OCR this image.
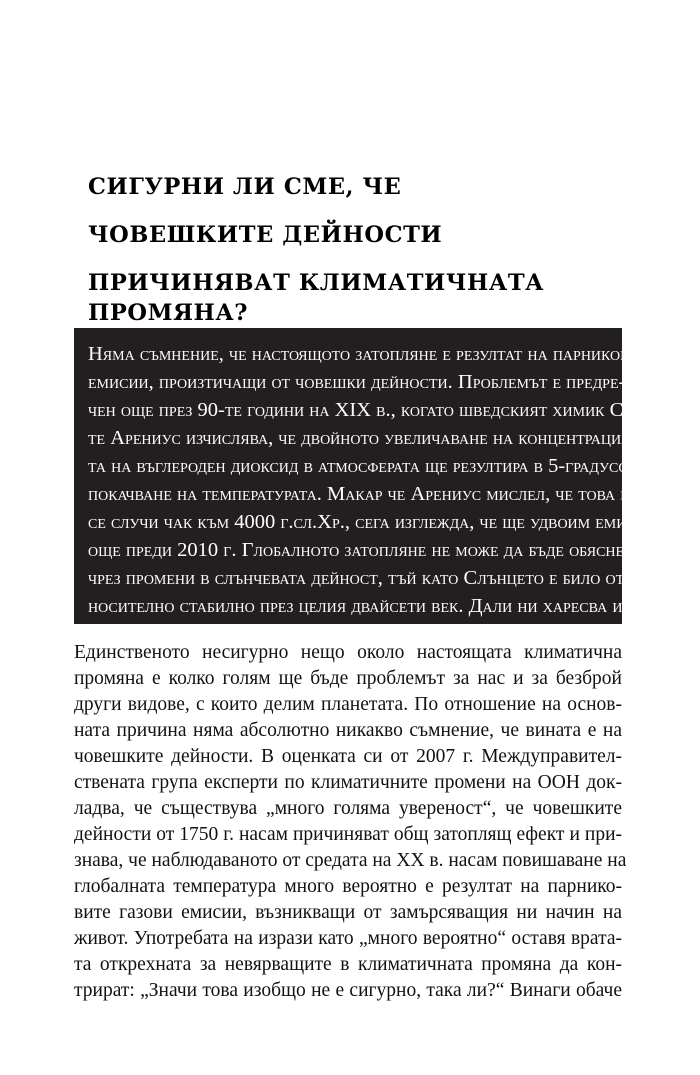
СИГУРНИ ЛИ СМЕ, ЧЕ
ЧОВЕШКИТЕ ДЕЙНОСТИ
ПРИЧИНЯВАТ КЛИМАТИЧНАТА ПРОМЯНА?
Няма съмнение, че настоящото затопляне е резултат на парникови
емисии, произтичащи от човешки дейности. Проблемът е предре-
чен още през 90-те години на XIX в., когато шведският химик Сван-
те Арениус изчислява, че двойното увеличаване на концентрация-
та на въглероден диоксид в атмосферата ще резултира в 5-градусово
покачване на температурата. Макар че Арениус мислел, че това ще
се случи чак към 4000 г.сл.Хр., сега изглежда, че ще удвоим емисиите
още преди 2010 г. Глобалното затопляне не може да бъде обяснено
чрез промени в слънчевата дейност, тъй като Слънцето е било от-
носително стабилно през целия двайсети век. Дали ни харесва или
не, човешките замърсяващи дейности са единственото обяснение.
Единственото несигурно нещо около настоящата климатична
промяна е колко голям ще бъде проблемът за нас и за безброй
други видове, с които делим планетата. По отношение на основ-
ната причина няма абсолютно никакво съмнение, че вината е на
човешките дейности. В оценката си от 2007 г. Междуправител-
ствената група експерти по климатичните промени на ООН док-
ладва, че съществува „много голяма увереност“, че човешките
дейности от 1750 г. насам причиняват общ затоплящ ефект и при-
знава, че наблюдаваното от средата на XX в. насам повишаване на
глобалната температура много вероятно е резултат на парнико-
вите газови емисии, възникващи от замърсяващия ни начин на
живот. Употребата на изрази като „много вероятно“ оставя врата-
та открехната за невярващите в климатичната промяна да кон-
трират: „Значи това изобщо не е сигурно, така ли?“ Винаги обаче
